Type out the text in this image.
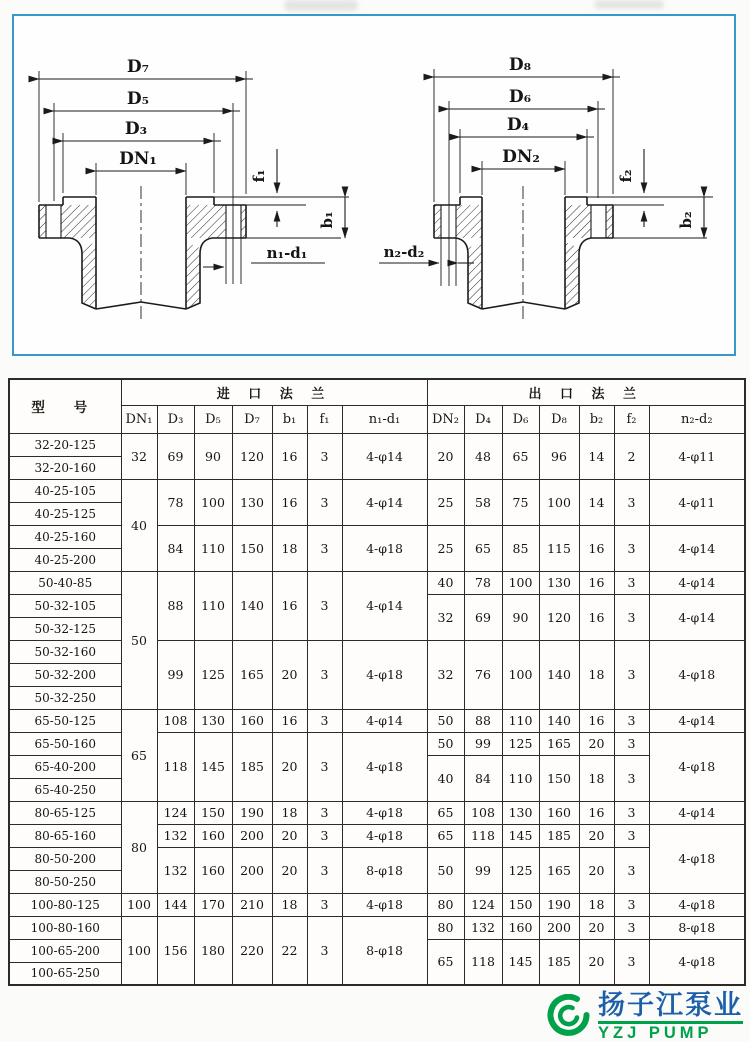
D₇
D₅
D₃
DN₁
f₁
b₁
n₁-d₁
D₈
D₆
D₄
DN₂
f₂
b₂
n₂-d₂
型 号	进 口 法 兰							出 口 法 兰						
	DN₁	D₃	D₅	D₇	b₁	f₁	n₁-d₁	DN₂	D₄	D₆	D₈	b₂	f₂	n₂-d₂
32-20-125	32	69	90	120	16	3	4-φ14	20	48	65	96	14	2	4-φ11
32-20-160														
40-25-105	40	78	100	130	16	3	4-φ14	25	58	75	100	14	3	4-φ11
40-25-125														
40-25-160		84	110	150	18	3	4-φ18	25	65	85	115	16	3	4-φ14
40-25-200														
50-40-85	50	88	110	140	16	3	4-φ14	40	78	100	130	16	3	4-φ14
50-32-105								32	69	90	120	16	3	4-φ14
50-32-125														
50-32-160		99	125	165	20	3	4-φ18	32	76	100	140	18	3	4-φ18
50-32-200														
50-32-250														
65-50-125	65	108	130	160	16	3	4-φ14	50	88	110	140	16	3	4-φ14
65-50-160		118	145	185	20	3	4-φ18	50	99	125	165	20	3	4-φ18
65-40-200								40	84	110	150	18	3	
65-40-250														
80-65-125	80	124	150	190	18	3	4-φ18	65	108	130	160	16	3	4-φ14
80-65-160		132	160	200	20	3	4-φ18	65	118	145	185	20	3	4-φ18
80-50-200		132	160	200	20	3	8-φ18	50	99	125	165	20	3	
80-50-250														
100-80-125	100	144	170	210	18	3	4-φ18	80	124	150	190	18	3	4-φ18
100-80-160	100	156	180	220	22	3	8-φ18	80	132	160	200	20	3	8-φ18
100-65-200								65	118	145	185	20	3	4-φ18
100-65-250														
扬子江泵业
YZJ PUMP
